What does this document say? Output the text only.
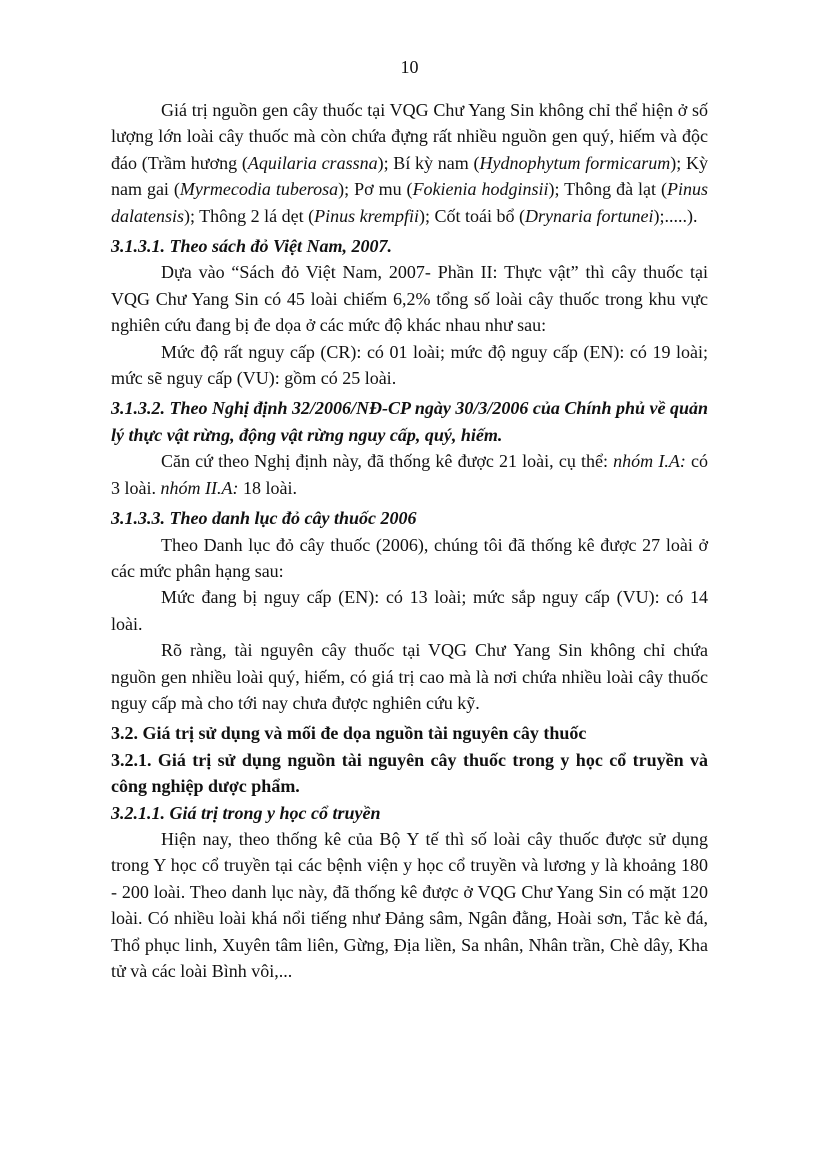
10

Giá trị nguồn gen cây thuốc tại VQG Chư Yang Sin không chỉ thể hiện ở số lượng lớn loài cây thuốc mà còn chứa đựng rất nhiều nguồn gen quý, hiếm và độc đáo (Trầm hương (Aquilaria crassna); Bí kỳ nam (Hydnophytum formicarum); Kỳ nam gai (Myrmecodia tuberosa); Pơ mu (Fokienia hodginsii); Thông đà lạt (Pinus dalatensis); Thông 2 lá dẹt (Pinus krempfii); Cốt toái bổ (Drynaria fortunei);.....).

3.1.3.1. Theo sách đỏ Việt Nam, 2007.

Dựa vào “Sách đỏ Việt Nam, 2007- Phần II: Thực vật” thì cây thuốc tại VQG Chư Yang Sin có 45 loài chiếm 6,2% tổng số loài cây thuốc trong khu vực nghiên cứu đang bị đe dọa ở các mức độ khác nhau như sau:

Mức độ rất nguy cấp (CR): có 01 loài; mức độ nguy cấp (EN): có 19 loài; mức sẽ nguy cấp (VU): gồm có 25 loài.

3.1.3.2. Theo Nghị định 32/2006/NĐ-CP ngày 30/3/2006 của Chính phủ về quản lý thực vật rừng, động vật rừng nguy cấp, quý, hiếm.

Căn cứ theo Nghị định này, đã thống kê được 21 loài, cụ thể: nhóm I.A: có 3 loài. nhóm II.A: 18 loài.

3.1.3.3. Theo danh lục đỏ cây thuốc 2006

Theo Danh lục đỏ cây thuốc (2006), chúng tôi đã thống kê được 27 loài ở các mức phân hạng sau:

Mức đang bị nguy cấp (EN): có 13 loài; mức sắp nguy cấp (VU): có 14 loài.

Rõ ràng, tài nguyên cây thuốc tại VQG Chư Yang Sin không chỉ chứa nguồn gen nhiều loài quý, hiếm, có giá trị cao mà là nơi chứa nhiều loài cây thuốc nguy cấp mà cho tới nay chưa được nghiên cứu kỹ.

3.2. Giá trị sử dụng và mối đe dọa nguồn tài nguyên cây thuốc

3.2.1. Giá trị sử dụng nguồn tài nguyên cây thuốc trong y học cổ truyền và công nghiệp dược phẩm.

3.2.1.1. Giá trị trong y học cổ truyền

Hiện nay, theo thống kê của Bộ Y tế thì số loài cây thuốc được sử dụng trong Y học cổ truyền tại các bệnh viện y học cổ truyền và lương y là khoảng 180 - 200 loài. Theo danh lục này, đã thống kê được ở VQG Chư Yang Sin có mặt 120 loài. Có nhiều loài khá nổi tiếng như Đảng sâm, Ngân đằng, Hoài sơn, Tắc kè đá, Thổ phục linh, Xuyên tâm liên, Gừng, Địa liền, Sa nhân, Nhân trần, Chè dây, Kha tử và các loài Bình vôi,...
